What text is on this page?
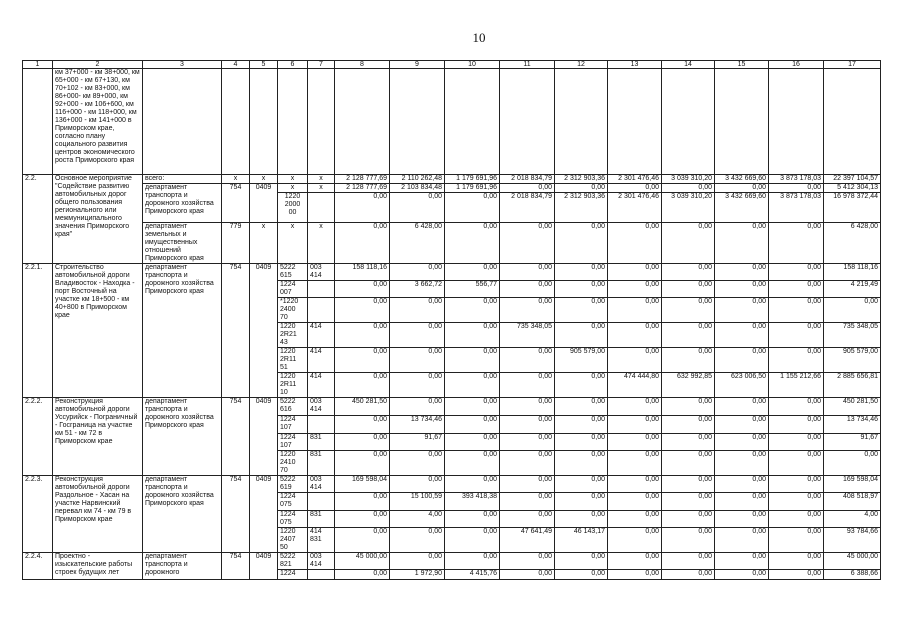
10
1	2	3	4	5	6	7	8	9	10	11	12	13	14	15	16	17
	км 37+000 - км 38+000, км 65+000 - км 67+130, км 70+102 - км 83+000, км 86+000- км 89+000, км 92+000 - км 106+600, км 116+000 - км 118+000, км 136+000 - км 141+000 в Приморском крае, согласно плану социального развития центров экономического роста Приморского края															
2.2.	Основное мероприятие "Содействие развитию автомобильных дорог общего пользования регионального или межмуниципального значения Приморского края"	всего:	x	x	x	x	2 128 777,69	2 110 262,48	1 179 691,96	2 018 834,79	2 312 903,36	2 301 476,46	3 039 310,20	3 432 669,60	3 873 178,03	22 397 104,57
		департамент транспорта и дорожного хозяйства Приморского края	754	0409	x	x	2 128 777,69	2 103 834,48	1 179 691,96	0,00	0,00	0,00	0,00	0,00	0,00	5 412 304,13
					1220 2000 00		0,00	0,00	0,00	2 018 834,79	2 312 903,36	2 301 476,46	3 039 310,20	3 432 669,60	3 873 178,03	16 978 372,44
		департамент земельных и имущественных отношений Приморского края	779	x	x	x	0,00	6 428,00	0,00	0,00	0,00	0,00	0,00	0,00	0,00	6 428,00
2.2.1.	Строительство автомобильной дороги Владивосток - Находка - порт Восточный на участке км 18+500 - км 40+800 в Приморском крае	департамент транспорта и дорожного хозяйства Приморского края	754	0409	5222 615	003 414	158 118,16	0,00	0,00	0,00	0,00	0,00	0,00	0,00	0,00	158 118,16
					1224 007		0,00	3 662,72	556,77	0,00	0,00	0,00	0,00	0,00	0,00	4 219,49
					*1220 2400 70		0,00	0,00	0,00	0,00	0,00	0,00	0,00	0,00	0,00	0,00
					1220 2R21 43	414	0,00	0,00	0,00	735 348,05	0,00	0,00	0,00	0,00	0,00	735 348,05
					1220 2R11 51	414	0,00	0,00	0,00	0,00	905 579,00	0,00	0,00	0,00	0,00	905 579,00
					1220 2R11 10	414	0,00	0,00	0,00	0,00	0,00	474 444,80	632 992,85	623 006,50	1 155 212,66	2 885 656,81
2.2.2.	Реконструкция автомобильной дороги Уссурийск - Пограничный - Госграница на участке км 51 - км 72 в Приморском крае	департамент транспорта и дорожного хозяйства Приморского края	754	0409	5222 616	003 414	450 281,50	0,00	0,00	0,00	0,00	0,00	0,00	0,00	0,00	450 281,50
					1224 107		0,00	13 734,46	0,00	0,00	0,00	0,00	0,00	0,00	0,00	13 734,46
					1224 107	831	0,00	91,67	0,00	0,00	0,00	0,00	0,00	0,00	0,00	91,67
					1220 2410 70	831	0,00	0,00	0,00	0,00	0,00	0,00	0,00	0,00	0,00	0,00
2.2.3.	Реконструкция автомобильной дороги Раздольное - Хасан на участке Нарвинский перевал км 74 - км 79 в Приморском крае	департамент транспорта и дорожного хозяйства Приморского края	754	0409	5222 619	003 414	169 598,04	0,00	0,00	0,00	0,00	0,00	0,00	0,00	0,00	169 598,04
					1224 075		0,00	15 100,59	393 418,38	0,00	0,00	0,00	0,00	0,00	0,00	408 518,97
					1224 075	831	0,00	4,00	0,00	0,00	0,00	0,00	0,00	0,00	0,00	4,00
					1220 2407 50	414 831	0,00	0,00	0,00	47 641,49	46 143,17	0,00	0,00	0,00	0,00	93 784,66
2.2.4.	Проектно - изыскательские работы строек будущих лет	департамент транспорта и дорожного	754	0409	5222 821	003 414	45 000,00	0,00	0,00	0,00	0,00	0,00	0,00	0,00	0,00	45 000,00
					1224		0,00	1 972,90	4 415,76	0,00	0,00	0,00	0,00	0,00	0,00	6 388,66
